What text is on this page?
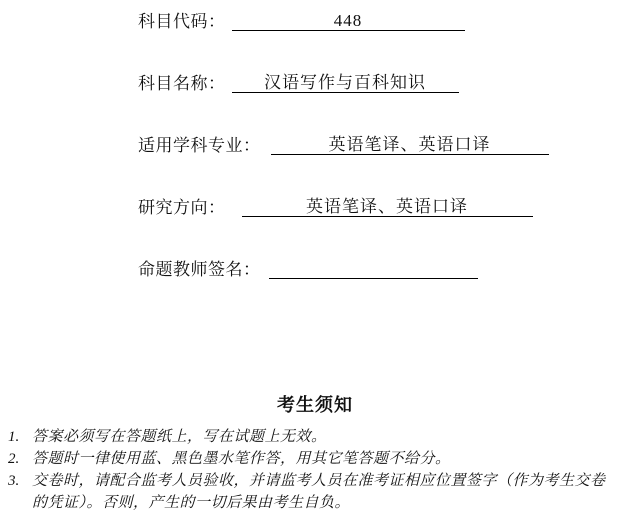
科目代码：	448
科目名称：	汉语写作与百科知识
适用学科专业：	英语笔译、英语口译
研究方向：	英语笔译、英语口译
命题教师签名：
考生须知
1. 答案必须写在答题纸上，写在试题上无效。
2. 答题时一律使用蓝、黑色墨水笔作答，用其它笔答题不给分。
3. 交卷时，请配合监考人员验收，并请监考人员在准考证相应位置签字（作为考生交卷的凭证）。否则，产生的一切后果由考生自负。
